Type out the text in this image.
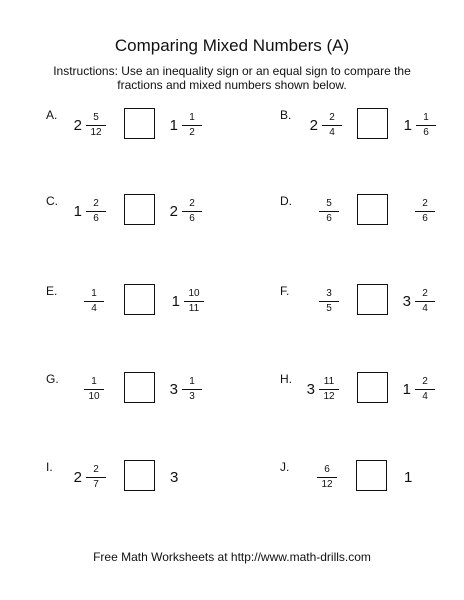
Comparing Mixed Numbers (A)
Instructions: Use an inequality sign or an equal sign to compare the
fractions and mixed numbers shown below.
A.
2	5
12	1	1
2
B.
2	2
4	1	1
6
C.
1	2
6	2	2
6
D.	5
6
2
6
E.	1
4	1 10
11
F.	3
5	3	2
4
G.	1
10	3	1
3
H.
3 11
12	1	2
4
I.
2	2
7	3
J.	6
12	1
Free Math Worksheets at http://www.math-drills.com
